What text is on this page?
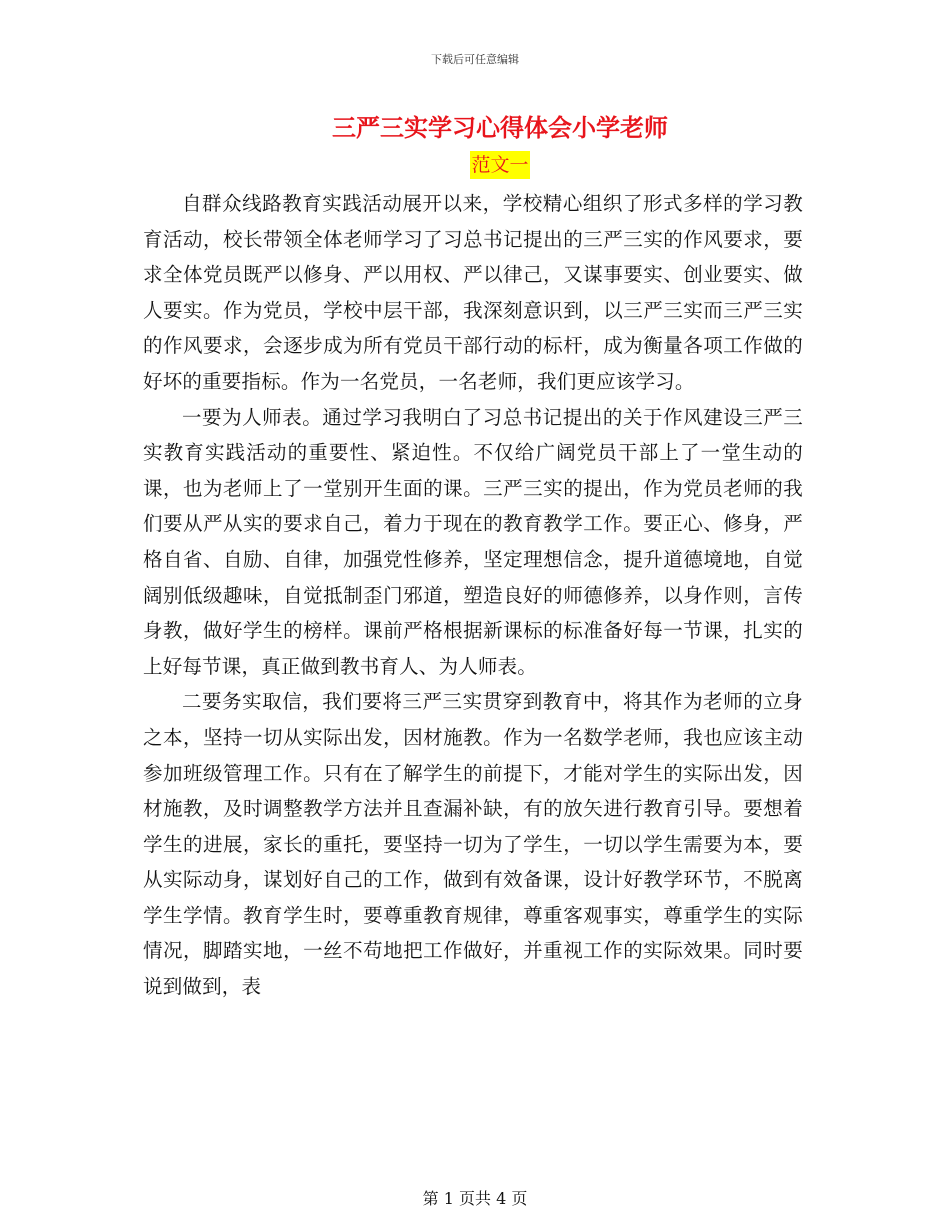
下载后可任意编辑
三严三实学习心得体会小学老师
范文一

自群众线路教育实践活动展开以来，学校精心组织了形式多样的学习教育活动，校长带领全体老师学习了习总书记提出的三严三实的作风要求，要求全体党员既严以修身、严以用权、严以律己，又谋事要实、创业要实、做人要实。作为党员，学校中层干部，我深刻意识到，以三严三实而三严三实的作风要求，会逐步成为所有党员干部行动的标杆，成为衡量各项工作做的好坏的重要指标。作为一名党员，一名老师，我们更应该学习。

一要为人师表。通过学习我明白了习总书记提出的关于作风建设三严三实教育实践活动的重要性、紧迫性。不仅给广阔党员干部上了一堂生动的课，也为老师上了一堂别开生面的课。三严三实的提出，作为党员老师的我们要从严从实的要求自己，着力于现在的教育教学工作。要正心、修身，严格自省、自励、自律，加强党性修养，坚定理想信念，提升道德境地，自觉阔别低级趣味，自觉抵制歪门邪道，塑造良好的师德修养，以身作则，言传身教，做好学生的榜样。课前严格根据新课标的标准备好每一节课，扎实的上好每节课，真正做到教书育人、为人师表。

二要务实取信，我们要将三严三实贯穿到教育中，将其作为老师的立身之本，坚持一切从实际出发，因材施教。作为一名数学老师，我也应该主动参加班级管理工作。只有在了解学生的前提下，才能对学生的实际出发，因材施教，及时调整教学方法并且查漏补缺，有的放矢进行教育引导。要想着学生的进展，家长的重托，要坚持一切为了学生，一切以学生需要为本，要从实际动身，谋划好自己的工作，做到有效备课，设计好教学环节，不脱离学生学情。教育学生时，要尊重教育规律，尊重客观事实，尊重学生的实际情况，脚踏实地，一丝不苟地把工作做好，并重视工作的实际效果。同时要说到做到，表

第 1 页共 4 页
